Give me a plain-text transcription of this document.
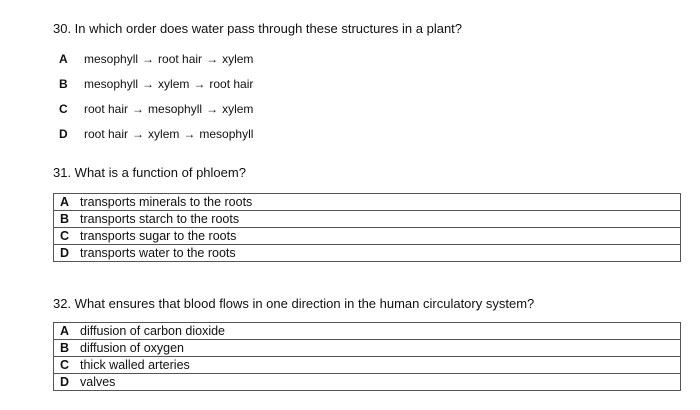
30. In which order does water pass through these structures in a plant?
A mesophyll → root hair → xylem
B mesophyll → xylem → root hair
C root hair → mesophyll → xylem
D root hair → xylem → mesophyll
31. What is a function of phloem?
A	transports minerals to the roots
B	transports starch to the roots
C	transports sugar to the roots
D	transports water to the roots
32. What ensures that blood flows in one direction in the human circulatory system?
A	diffusion of carbon dioxide
B	diffusion of oxygen
C	thick walled arteries
D	valves
